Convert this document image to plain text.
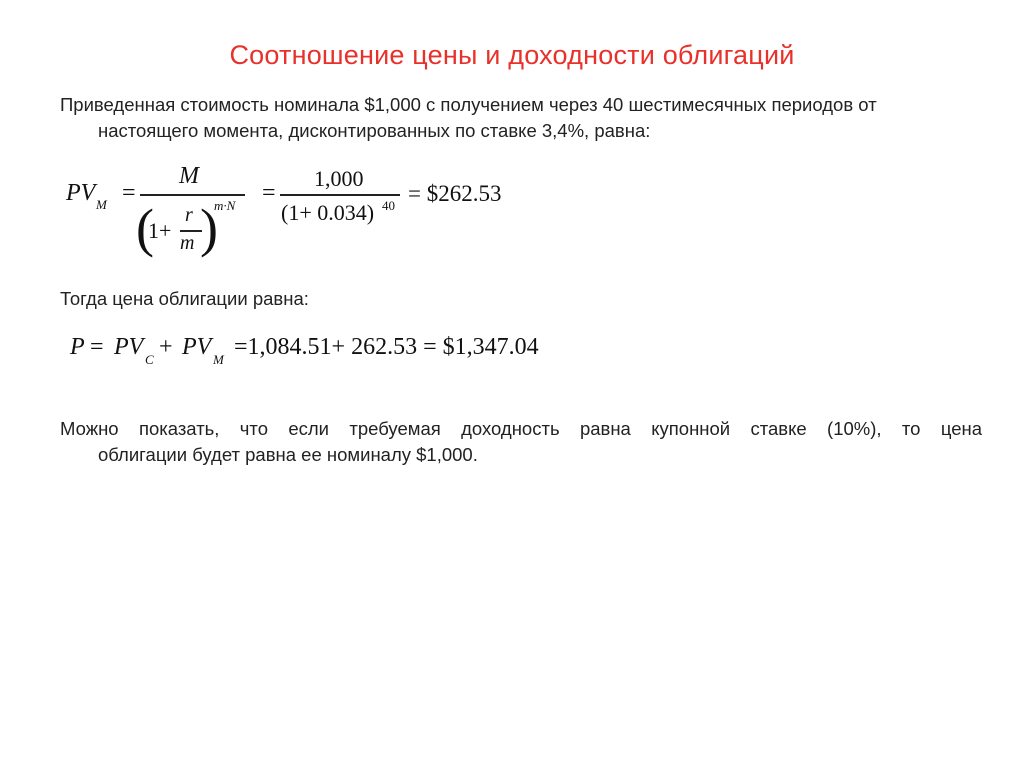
Соотношение цены и доходности облигаций
Приведенная стоимость номинала $1,000 с получением через 40 шестимесячных периодов от
настоящего момента, дисконтированных по ставке 3,4%, равна:
PV M =
M
(
1+
r
m )
m·N =
1,000
(1+ 0.034) 40 = $262.53
Тогда цена облигации равна:
P = PV C + PV M =1,084.51+ 262.53 = $1,347.04
Можно показать, что если требуемая доходность равна купонной ставке (10%), то цена
облигации будет равна ее номиналу $1,000.
